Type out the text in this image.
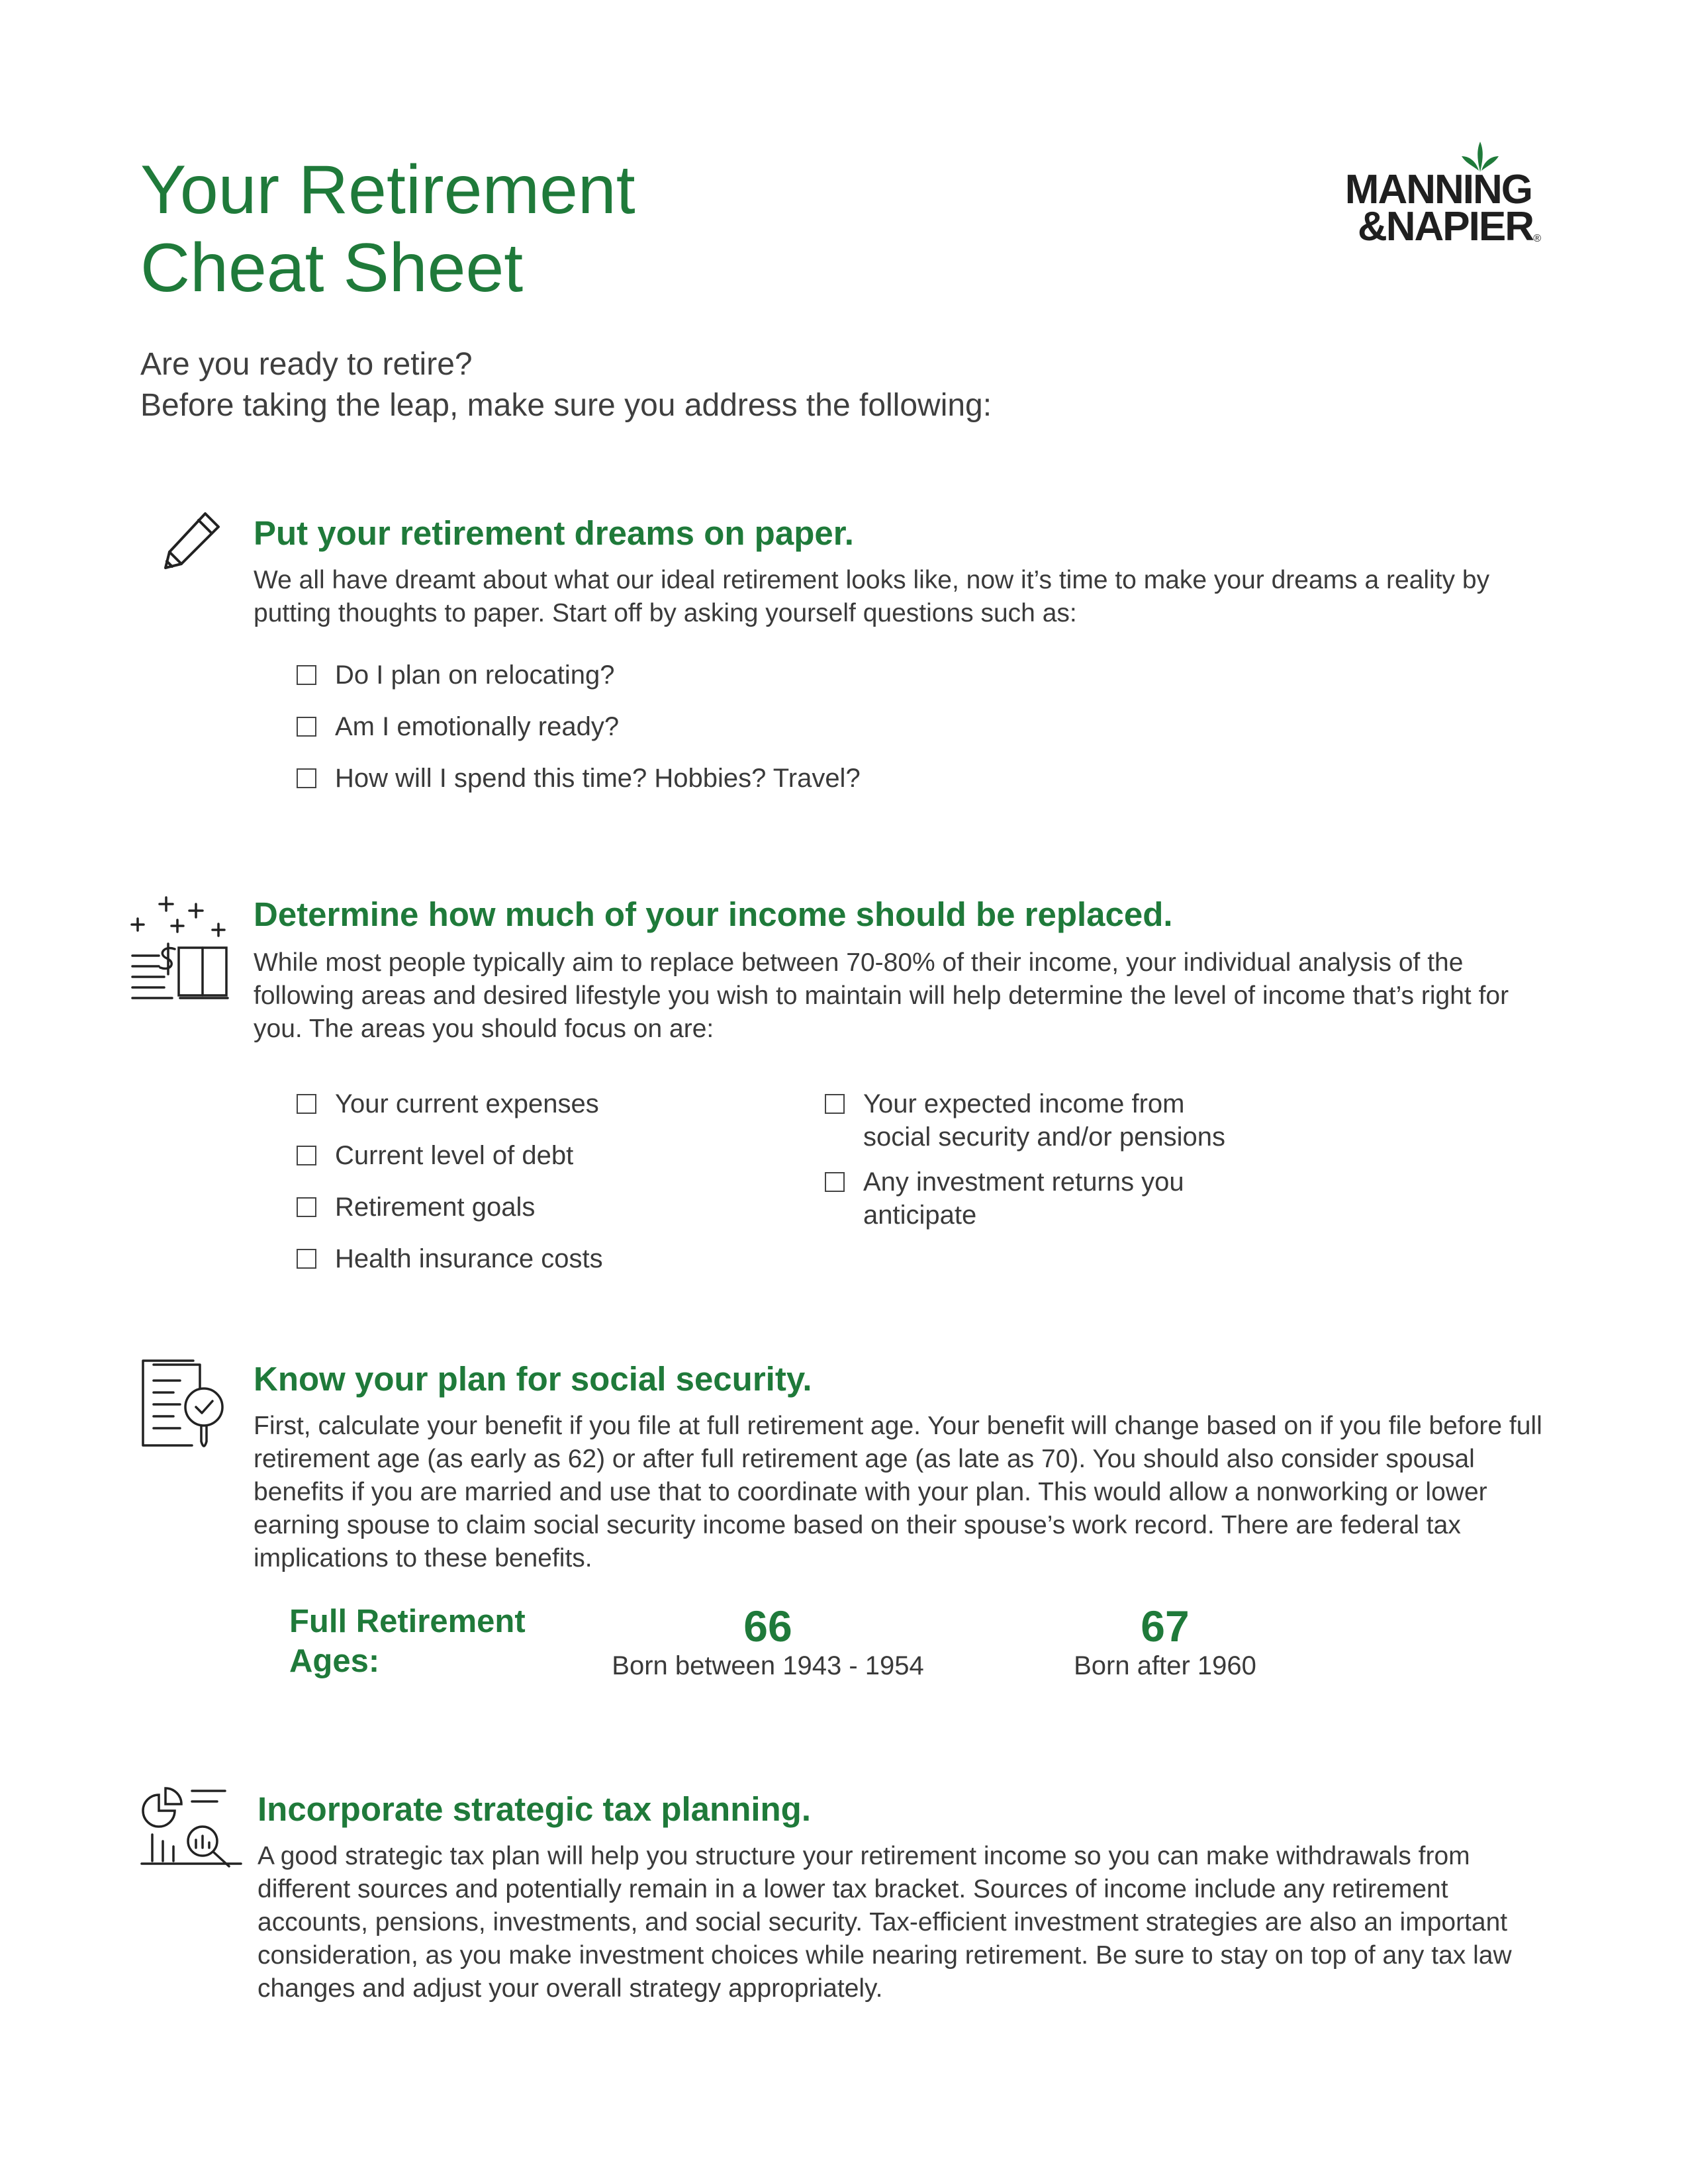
Your Retirement
Cheat Sheet
MANNING
&NAPIER ®
Are you ready to retire?
Before taking the leap, make sure you address the following:
Put your retirement dreams on paper.

We all have dreamt about what our ideal retirement looks like, now it’s time to make your dreams a reality by putting thoughts to paper. Start off by asking yourself questions such as:

Do I plan on relocating?
Am I emotionally ready?
How will I spend this time? Hobbies? Travel?
Determine how much of your income should be replaced.

While most people typically aim to replace between 70-80% of their income, your individual analysis of the following areas and desired lifestyle you wish to maintain will help determine the level of income that’s right for you. The areas you should focus on are:

Your current expenses
Current level of debt
Retirement goals
Health insurance costs
Your expected income from social security and/or pensions
Any investment returns you anticipate
Know your plan for social security.

First, calculate your benefit if you file at full retirement age. Your benefit will change based on if you file before full retirement age (as early as 62) or after full retirement age (as late as 70). You should also consider spousal benefits if you are married and use that to coordinate with your plan. This would allow a nonworking or lower earning spouse to claim social security income based on their spouse’s work record. There are federal tax implications to these benefits.

Full Retirement Ages:
66
Born between 1943 - 1954
67
Born after 1960
Incorporate strategic tax planning.

A good strategic tax plan will help you structure your retirement income so you can make withdrawals from different sources and potentially remain in a lower tax bracket. Sources of income include any retirement accounts, pensions, investments, and social security. Tax-efficient investment strategies are also an important consideration, as you make investment choices while nearing retirement. Be sure to stay on top of any tax law changes and adjust your overall strategy appropriately.
